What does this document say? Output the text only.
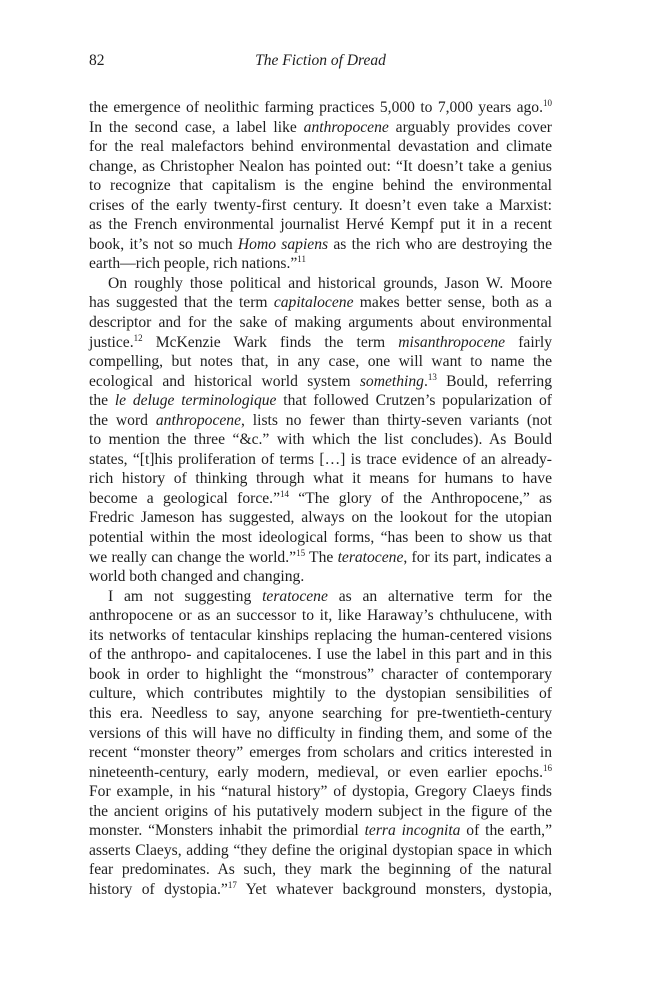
82	The Fiction of Dread
the emergence of neolithic farming practices 5,000 to 7,000 years ago.$^{10}$
In the second case, a label like anthropocene arguably provides cover
for the real malefactors behind environmental devastation and climate
change, as Christopher Nealon has pointed out: “It doesn’t take a genius
to recognize that capitalism is the engine behind the environmental
crises of the early twenty-first century. It doesn’t even take a Marxist:
as the French environmental journalist Hervé Kempf put it in a recent
book, it’s not so much Homo sapiens as the rich who are destroying the
earth—rich people, rich nations.”$^{11}$
On roughly those political and historical grounds, Jason W. Moore
has suggested that the term capitalocene makes better sense, both as a
descriptor and for the sake of making arguments about environmental
justice.$^{12}$ McKenzie Wark finds the term misanthropocene fairly
compelling, but notes that, in any case, one will want to name the
ecological and historical world system something.$^{13}$ Bould, referring
the le deluge terminologique that followed Crutzen’s popularization of
the word anthropocene, lists no fewer than thirty-seven variants (not
to mention the three “&c.” with which the list concludes). As Bould
states, “[t]his proliferation of terms […] is trace evidence of an already-
rich history of thinking through what it means for humans to have
become a geological force.”$^{14}$ “The glory of the Anthropocene,” as
Fredric Jameson has suggested, always on the lookout for the utopian
potential within the most ideological forms, “has been to show us that
we really can change the world.”$^{15}$ The teratocene, for its part, indicates a
world both changed and changing.
I am not suggesting teratocene as an alternative term for the
anthropocene or as an successor to it, like Haraway’s chthulucene, with
its networks of tentacular kinships replacing the human-centered visions
of the anthropo- and capitalocenes. I use the label in this part and in this
book in order to highlight the “monstrous” character of contemporary
culture, which contributes mightily to the dystopian sensibilities of
this era. Needless to say, anyone searching for pre-twentieth-century
versions of this will have no difficulty in finding them, and some of the
recent “monster theory” emerges from scholars and critics interested in
nineteenth-century, early modern, medieval, or even earlier epochs.$^{16}$
For example, in his “natural history” of dystopia, Gregory Claeys finds
the ancient origins of his putatively modern subject in the figure of the
monster. “Monsters inhabit the primordial terra incognita of the earth,”
asserts Claeys, adding “they define the original dystopian space in which
fear predominates. As such, they mark the beginning of the natural
history of dystopia.”$^{17}$ Yet whatever background monsters, dystopia,
